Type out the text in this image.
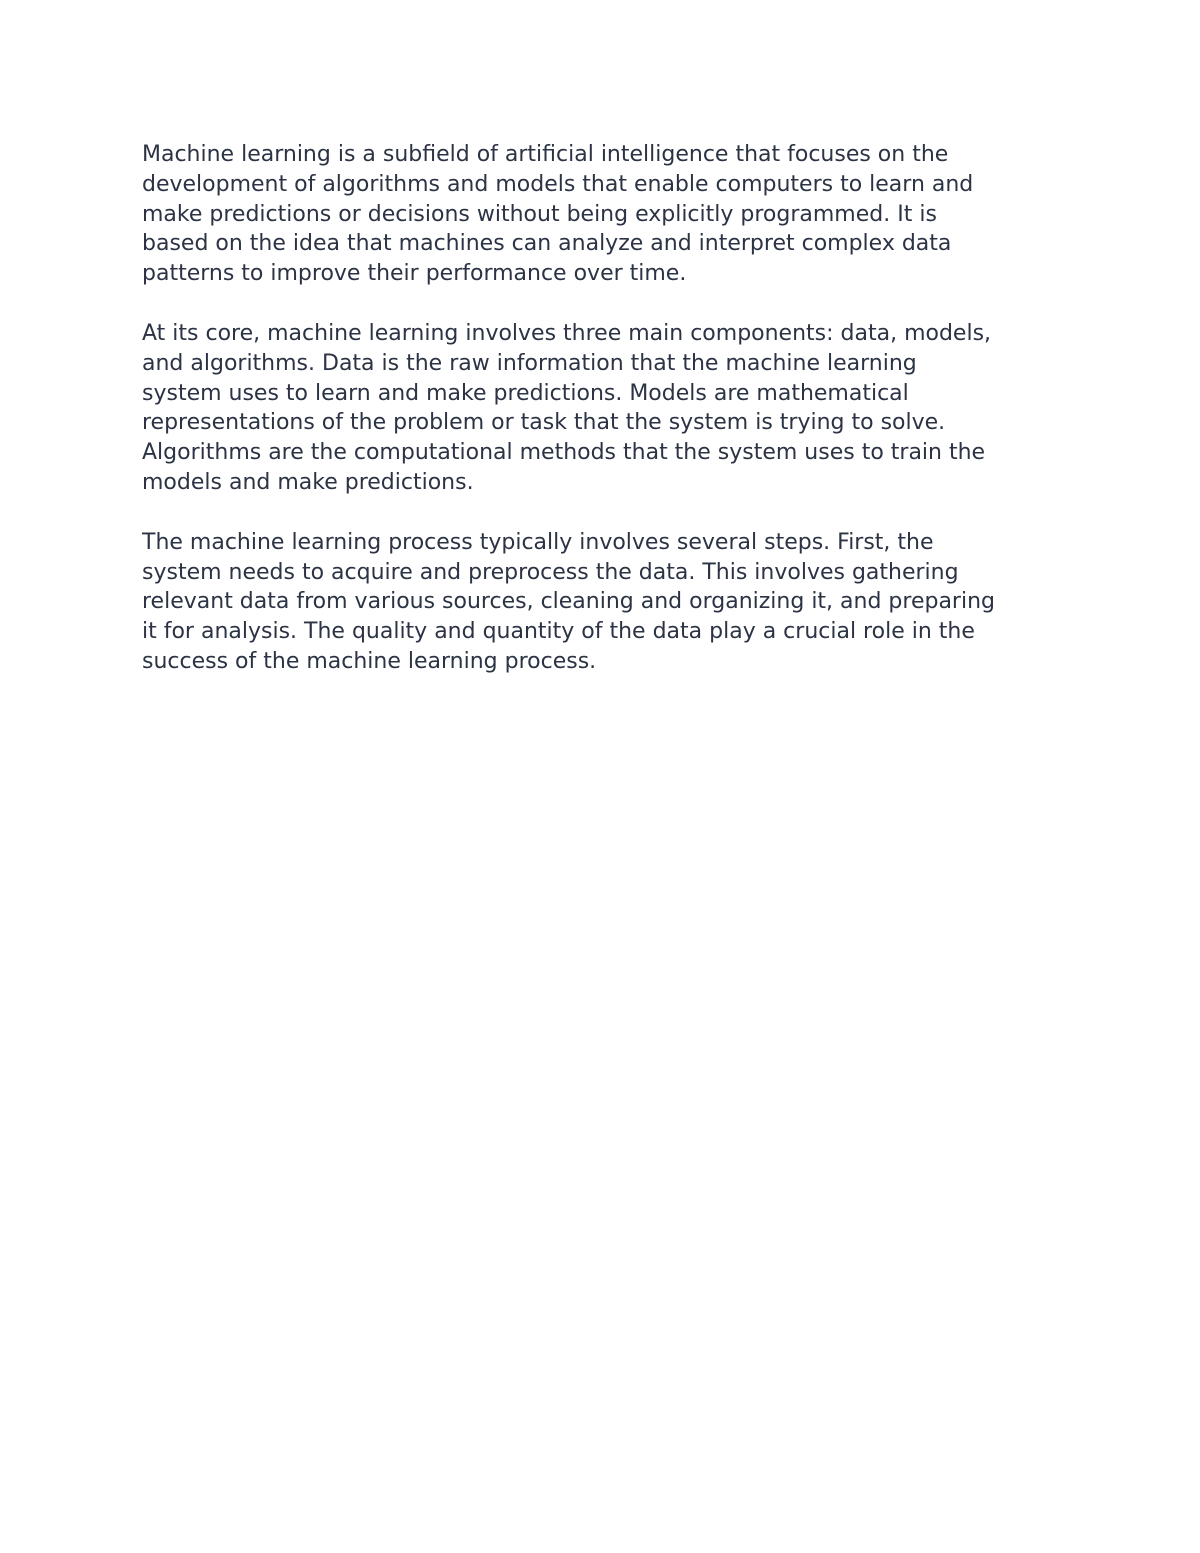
Machine learning is a subfield of artificial intelligence that focuses on the
development of algorithms and models that enable computers to learn and
make predictions or decisions without being explicitly programmed. It is
based on the idea that machines can analyze and interpret complex data
patterns to improve their performance over time.

At its core, machine learning involves three main components: data, models,
and algorithms. Data is the raw information that the machine learning
system uses to learn and make predictions. Models are mathematical
representations of the problem or task that the system is trying to solve.
Algorithms are the computational methods that the system uses to train the
models and make predictions.

The machine learning process typically involves several steps. First, the
system needs to acquire and preprocess the data. This involves gathering
relevant data from various sources, cleaning and organizing it, and preparing
it for analysis. The quality and quantity of the data play a crucial role in the
success of the machine learning process.
